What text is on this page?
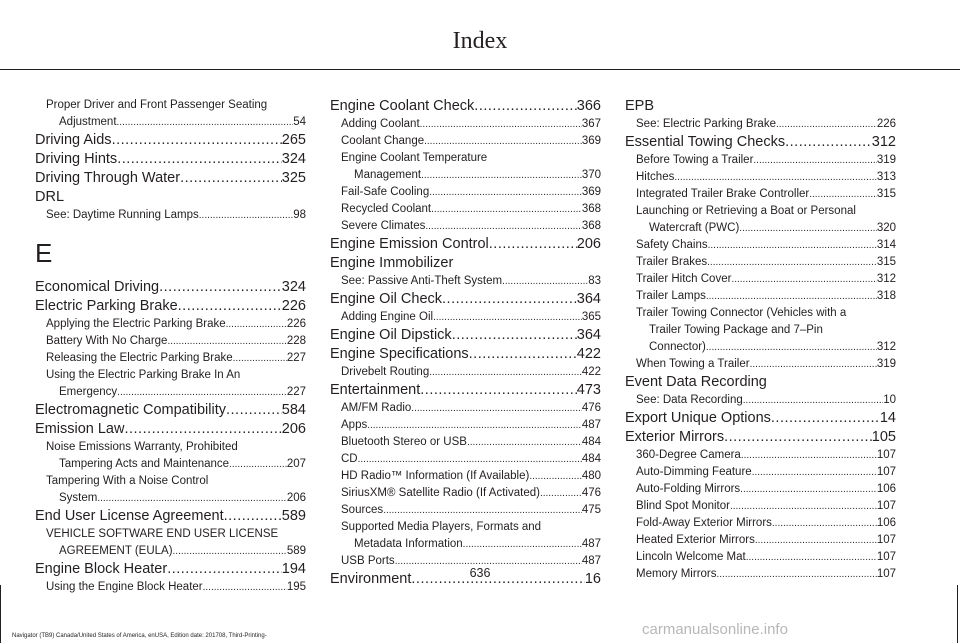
Index
Proper Driver and Front Passenger Seating
Adjustment .....	54
Driving Aids .....	265
Driving Hints .....	324
Driving Through Water .....	325
DRL
See: Daytime Running Lamps .....	98
E
Economical Driving .....	324
Electric Parking Brake .....	226
Applying the Electric Parking Brake .....	226
Battery With No Charge .....	228
Releasing the Electric Parking Brake .....	227
Using the Electric Parking Brake In An
Emergency .....	227
Electromagnetic Compatibility .....	584
Emission Law .....	206
Noise Emissions Warranty, Prohibited
Tampering Acts and Maintenance .....	207
Tampering With a Noise Control
System .....	206
End User License Agreement .....	589
VEHICLE SOFTWARE END USER LICENSE
AGREEMENT (EULA) .....	589
Engine Block Heater .....	194
Using the Engine Block Heater .....	195
Engine Coolant Check .....	366
Adding Coolant .....	367
Coolant Change .....	369
Engine Coolant Temperature
Management .....	370
Fail-Safe Cooling .....	369
Recycled Coolant .....	368
Severe Climates .....	368
Engine Emission Control .....	206
Engine Immobilizer
See: Passive Anti-Theft System .....	83
Engine Oil Check .....	364
Adding Engine Oil .....	365
Engine Oil Dipstick .....	364
Engine Specifications .....	422
Drivebelt Routing .....	422
Entertainment .....	473
AM/FM Radio .....	476
Apps .....	487
Bluetooth Stereo or USB .....	484
CD .....	484
HD Radio™ Information (If Available) .....	480
SiriusXM® Satellite Radio (If Activated) .....	476
Sources .....	475
Supported Media Players, Formats and
Metadata Information .....	487
USB Ports .....	487
Environment .....	16
EPB
See: Electric Parking Brake .....	226
Essential Towing Checks .....	312
Before Towing a Trailer .....	319
Hitches .....	313
Integrated Trailer Brake Controller .....	315
Launching or Retrieving a Boat or Personal
Watercraft (PWC) .....	320
Safety Chains .....	314
Trailer Brakes .....	315
Trailer Hitch Cover .....	312
Trailer Lamps .....	318
Trailer Towing Connector (Vehicles with a
Trailer Towing Package and 7–Pin
Connector) .....	312
When Towing a Trailer .....	319
Event Data Recording
See: Data Recording .....	10
Export Unique Options .....	14
Exterior Mirrors .....	105
360-Degree Camera .....	107
Auto-Dimming Feature .....	107
Auto-Folding Mirrors .....	106
Blind Spot Monitor .....	107
Fold-Away Exterior Mirrors .....	106
Heated Exterior Mirrors .....	107
Lincoln Welcome Mat .....	107
Memory Mirrors .....	107
636
Navigator (TB9) Canada/United States of America, enUSA, Edition date: 201708, Third-Printing-	carmanualsonline.info
